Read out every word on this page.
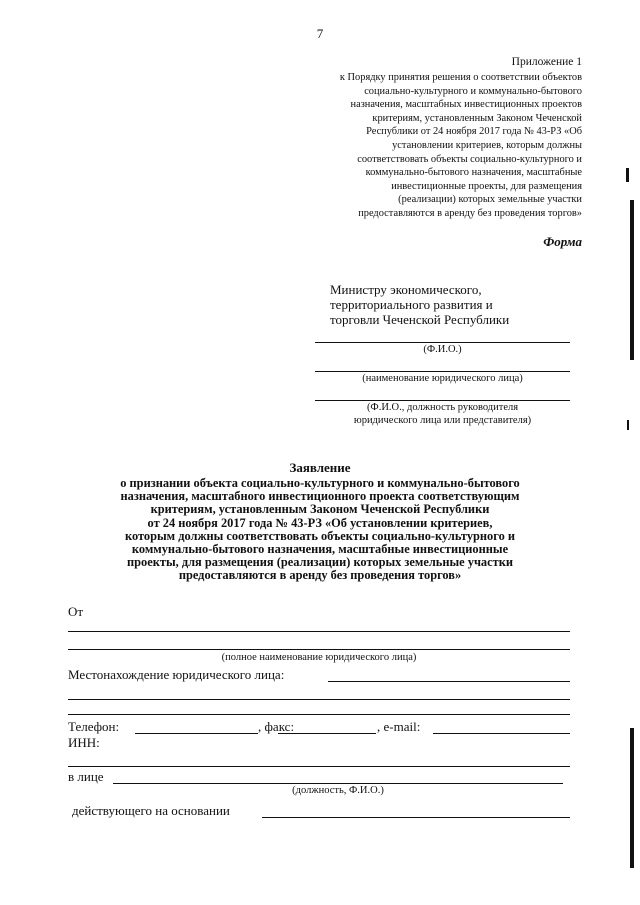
7
Приложение 1
к Порядку принятия решения о соответствии объектов
социально-культурного и коммунально-бытового
назначения, масштабных инвестиционных проектов
критериям, установленным Законом Чеченской
Республики от 24 ноября 2017 года № 43-РЗ «Об
установлении критериев, которым должны
соответствовать объекты социально-культурного и
коммунально-бытового назначения, масштабные
инвестиционные проекты, для размещения
(реализации) которых земельные участки
предоставляются в аренду без проведения торгов»
Форма
Министру экономического,
территориального развития и
торговли Чеченской Республики
(Ф.И.О.)
(наименование юридического лица)
(Ф.И.О., должность руководителя
юридического лица или представителя)
Заявление
о признании объекта социально-культурного и коммунально-бытового
назначения, масштабного инвестиционного проекта соответствующим
критериям, установленным Законом Чеченской Республики
от 24 ноября 2017 года № 43-РЗ «Об установлении критериев,
которым должны соответствовать объекты социально-культурного и
коммунально-бытового назначения, масштабные инвестиционные
проекты, для размещения (реализации) которых земельные участки
предоставляются в аренду без проведения торгов»
От
(полное наименование юридического лица)
Местонахождение юридического лица:
Телефон:	, факс:	, e-mail:
ИНН:
в лице
(должность, Ф.И.О.)
действующего на основании
